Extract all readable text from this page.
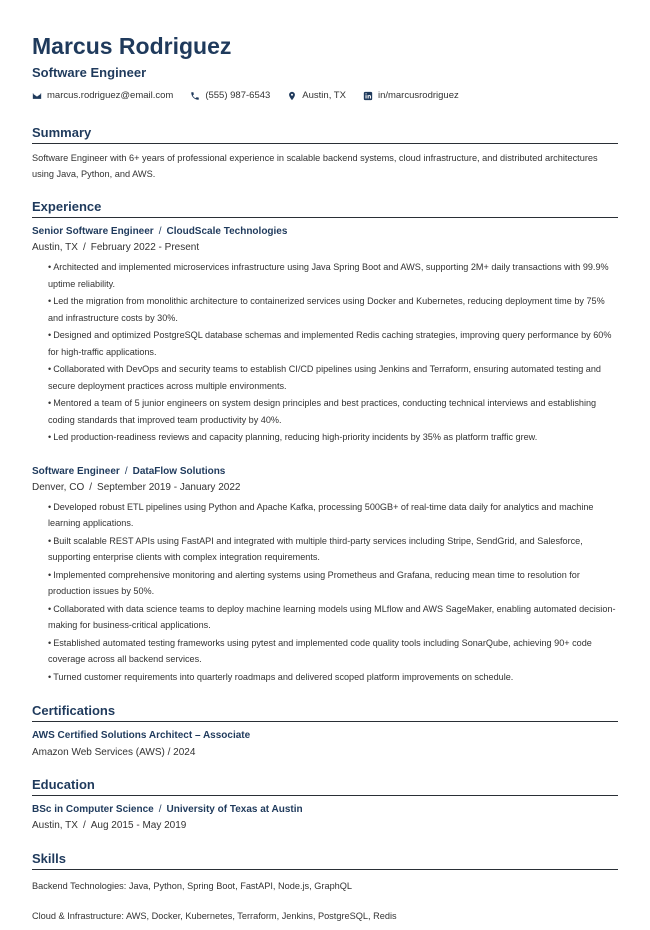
Marcus Rodriguez
Software Engineer
marcus.rodriguez@email.com	(555) 987-6543	Austin, TX	in/marcusrodriguez
Summary
Software Engineer with 6+ years of professional experience in scalable backend systems, cloud infrastructure, and distributed architectures using Java, Python, and AWS.
Experience
Senior Software Engineer / CloudScale Technologies
Austin, TX / February 2022 - Present
• Architected and implemented microservices infrastructure using Java Spring Boot and AWS, supporting 2M+ daily transactions with 99.9% uptime reliability.
• Led the migration from monolithic architecture to containerized services using Docker and Kubernetes, reducing deployment time by 75% and infrastructure costs by 30%.
• Designed and optimized PostgreSQL database schemas and implemented Redis caching strategies, improving query performance by 60% for high-traffic applications.
• Collaborated with DevOps and security teams to establish CI/CD pipelines using Jenkins and Terraform, ensuring automated testing and secure deployment practices across multiple environments.
• Mentored a team of 5 junior engineers on system design principles and best practices, conducting technical interviews and establishing coding standards that improved team productivity by 40%.
• Led production-readiness reviews and capacity planning, reducing high-priority incidents by 35% as platform traffic grew.
Software Engineer / DataFlow Solutions
Denver, CO / September 2019 - January 2022
• Developed robust ETL pipelines using Python and Apache Kafka, processing 500GB+ of real-time data daily for analytics and machine learning applications.
• Built scalable REST APIs using FastAPI and integrated with multiple third-party services including Stripe, SendGrid, and Salesforce, supporting enterprise clients with complex integration requirements.
• Implemented comprehensive monitoring and alerting systems using Prometheus and Grafana, reducing mean time to resolution for production issues by 50%.
• Collaborated with data science teams to deploy machine learning models using MLflow and AWS SageMaker, enabling automated decision-making for business-critical applications.
• Established automated testing frameworks using pytest and implemented code quality tools including SonarQube, achieving 90+ code coverage across all backend services.
• Turned customer requirements into quarterly roadmaps and delivered scoped platform improvements on schedule.
Certifications
AWS Certified Solutions Architect – Associate
Amazon Web Services (AWS) / 2024
Education
BSc in Computer Science / University of Texas at Austin
Austin, TX / Aug 2015 - May 2019
Skills
Backend Technologies: Java, Python, Spring Boot, FastAPI, Node.js, GraphQL
Cloud & Infrastructure: AWS, Docker, Kubernetes, Terraform, Jenkins, PostgreSQL, Redis
